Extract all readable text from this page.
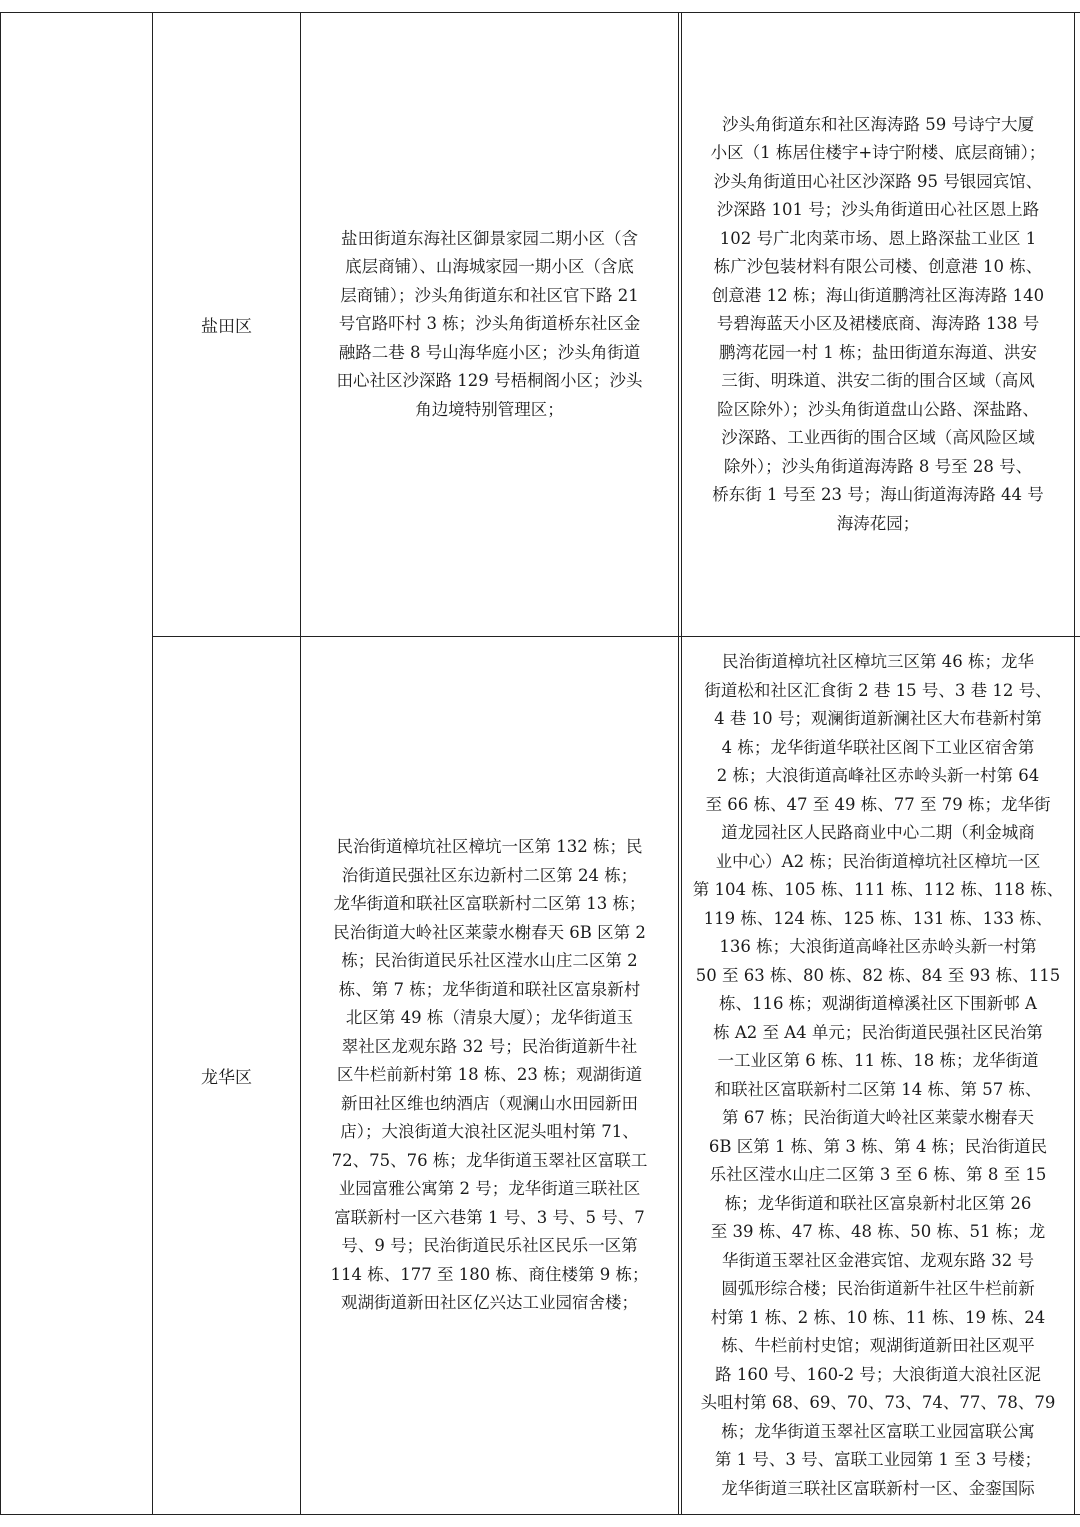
盐田区
盐田街道东海社区御景家园二期小区（含
底层商铺）、山海城家园一期小区（含底
层商铺）；沙头角街道东和社区官下路 21
号官路吓村 3 栋；沙头角街道桥东社区金
融路二巷 8 号山海华庭小区；沙头角街道
田心社区沙深路 129 号梧桐阁小区；沙头
角边境特别管理区；
沙头角街道东和社区海涛路 59 号诗宁大厦
小区（1 栋居住楼宇+诗宁附楼、底层商铺）；
沙头角街道田心社区沙深路 95 号银园宾馆、
沙深路 101 号；沙头角街道田心社区恩上路
102 号广北肉菜市场、恩上路深盐工业区 1
栋广沙包装材料有限公司楼、创意港 10 栋、
创意港 12 栋；海山街道鹏湾社区海涛路 140
号碧海蓝天小区及裙楼底商、海涛路 138 号
鹏湾花园一村 1 栋；盐田街道东海道、洪安
三街、明珠道、洪安二街的围合区域（高风
险区除外）；沙头角街道盘山公路、深盐路、
沙深路、工业西街的围合区域（高风险区域
除外）；沙头角街道海涛路 8 号至 28 号、
桥东街 1 号至 23 号；海山街道海涛路 44 号
海涛花园；
龙华区
民治街道樟坑社区樟坑一区第 132 栋；民
治街道民强社区东边新村二区第 24 栋；
龙华街道和联社区富联新村二区第 13 栋；
民治街道大岭社区莱蒙水榭春天 6B 区第 2
栋；民治街道民乐社区滢水山庄二区第 2
栋、第 7 栋；龙华街道和联社区富泉新村
北区第 49 栋（清泉大厦）；龙华街道玉
翠社区龙观东路 32 号；民治街道新牛社
区牛栏前新村第 18 栋、23 栋；观湖街道
新田社区维也纳酒店（观澜山水田园新田
店）；大浪街道大浪社区泥头咀村第 71、
72、75、76 栋；龙华街道玉翠社区富联工
业园富雅公寓第 2 号；龙华街道三联社区
富联新村一区六巷第 1 号、3 号、5 号、7
号、9 号；民治街道民乐社区民乐一区第
114 栋、177 至 180 栋、商住楼第 9 栋；
观湖街道新田社区亿兴达工业园宿舍楼；
民治街道樟坑社区樟坑三区第 46 栋；龙华
街道松和社区汇食街 2 巷 15 号、3 巷 12 号、
4 巷 10 号；观澜街道新澜社区大布巷新村第
4 栋；龙华街道华联社区阁下工业区宿舍第
2 栋；大浪街道高峰社区赤岭头新一村第 64
至 66 栋、47 至 49 栋、77 至 79 栋；龙华街
道龙园社区人民路商业中心二期（利金城商
业中心）A2 栋；民治街道樟坑社区樟坑一区
第 104 栋、105 栋、111 栋、112 栋、118 栋、
119 栋、124 栋、125 栋、131 栋、133 栋、
136 栋；大浪街道高峰社区赤岭头新一村第
50 至 63 栋、80 栋、82 栋、84 至 93 栋、115
栋、116 栋；观湖街道樟溪社区下围新邨 A
栋 A2 至 A4 单元；民治街道民强社区民治第
一工业区第 6 栋、11 栋、18 栋；龙华街道
和联社区富联新村二区第 14 栋、第 57 栋、
第 67 栋；民治街道大岭社区莱蒙水榭春天
6B 区第 1 栋、第 3 栋、第 4 栋；民治街道民
乐社区滢水山庄二区第 3 至 6 栋、第 8 至 15
栋；龙华街道和联社区富泉新村北区第 26
至 39 栋、47 栋、48 栋、50 栋、51 栋；龙
华街道玉翠社区金港宾馆、龙观东路 32 号
圆弧形综合楼；民治街道新牛社区牛栏前新
村第 1 栋、2 栋、10 栋、11 栋、19 栋、24
栋、牛栏前村史馆；观湖街道新田社区观平
路 160 号、160-2 号；大浪街道大浪社区泥
头咀村第 68、69、70、73、74、77、78、79
栋；龙华街道玉翠社区富联工业园富联公寓
第 1 号、3 号、富联工业园第 1 至 3 号楼；
龙华街道三联社区富联新村一区、金銮国际
